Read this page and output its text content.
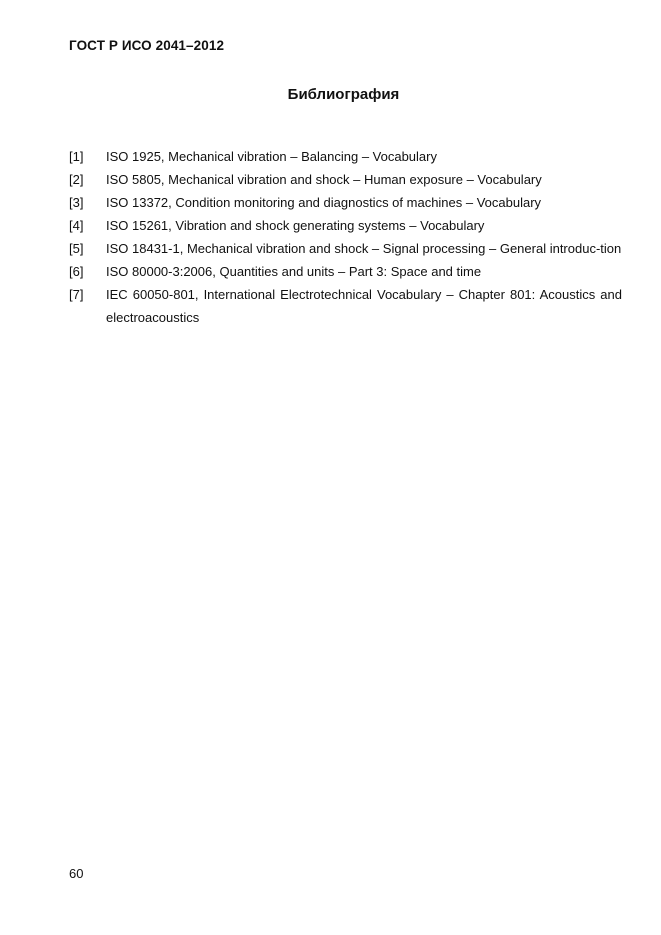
ГОСТ Р ИСО 2041–2012
Библиография
[1]	ISO 1925, Mechanical vibration – Balancing – Vocabulary
[2]	ISO 5805, Mechanical vibration and shock – Human exposure – Vocabulary
[3]	ISO 13372, Condition monitoring and diagnostics of machines – Vocabulary
[4]	ISO 15261, Vibration and shock generating systems – Vocabulary
[5]	ISO 18431-1, Mechanical vibration and shock – Signal processing – General introduc-tion
[6]	ISO 80000-3:2006, Quantities and units – Part 3: Space and time
[7]	IEC 60050-801, International Electrotechnical Vocabulary – Chapter 801: Acoustics and electroacoustics
60
